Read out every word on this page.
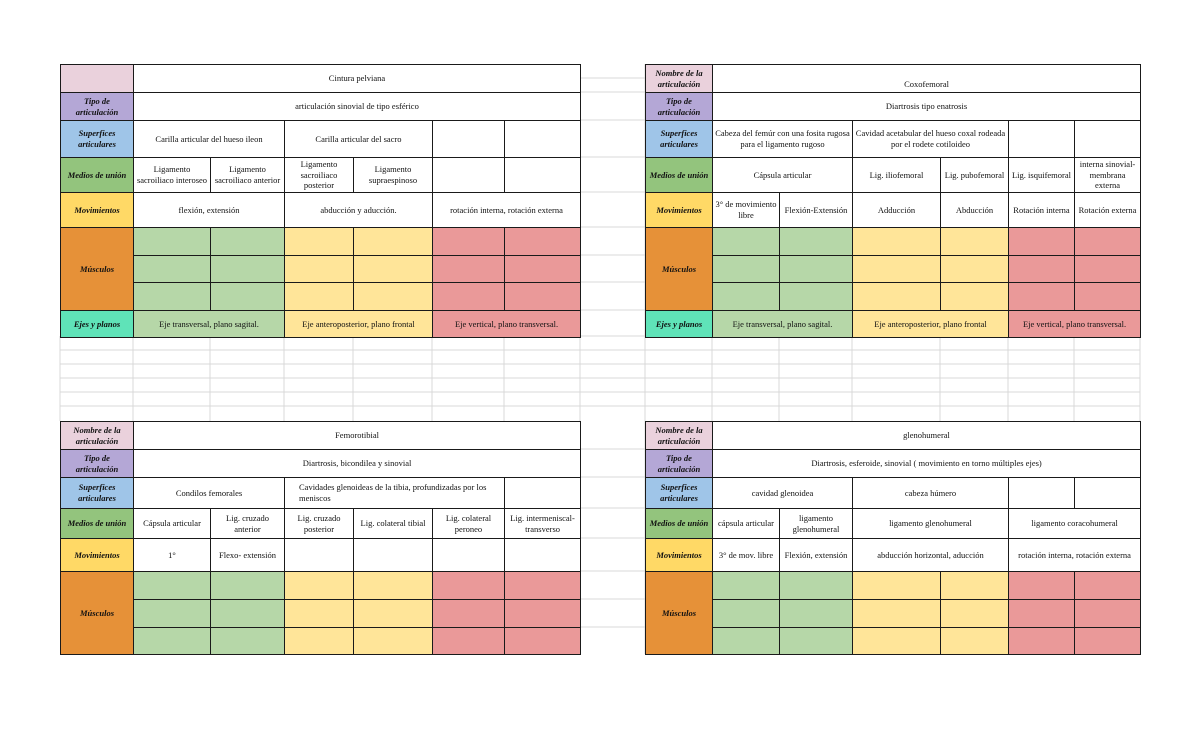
	Cintura pelviana					
Tipo de articulación	articulación sinovial de tipo esférico					
Superfices articulares	Carilla articular del hueso ileon		Carilla articular del sacro			
Medios de unión	Ligamento sacroiliaco interoseo	Ligamento sacroiliaco anterior	Ligamento sacroiliaco posterior	Ligamento supraespinoso		
Movimientos	flexión, extensión		abducción y aducción.		rotación interna, rotación externa	
Músculos						

Ejes y planos	Eje transversal, plano sagital.		Eje anteroposterior, plano frontal		Eje vertical, plano transversal.	
Nombre de la articulación	Coxofemoral					
Tipo de articulación	Diartrosis tipo enatrosis					
Superfices articulares	Cabeza del femúr con una fosita rugosa para el ligamento rugoso		Cavidad acetabular del hueso coxal rodeada por el rodete cotiloideo			
Medios de unión	Cápsula articular		Lig. iliofemoral	Lig. pubofemoral	Lig. isquifemoral	interna sinovial- membrana externa
Movimientos	3° de movimiento libre	Flexión-Extensión	Adducción	Abducción	Rotación interna	Rotación externa
Músculos						

Ejes y planos	Eje transversal, plano sagital.		Eje anteroposterior, plano frontal		Eje vertical, plano transversal.	
Nombre de la articulación	Femorotibial					
Tipo de articulación	Diartrosis, bicondilea y sinovial					
Superfices articulares	Condilos femorales		Cavidades glenoideas de la tibia, profundizadas por los meniscos			
Medios de unión	Cápsula articular	Lig. cruzado anterior	Lig. cruzado posterior	Lig. colateral tibial	Lig. colateral peroneo	Lig. intermeniscal- transverso
Movimientos	1°	Flexo- extensión				
Músculos						

Nombre de la articulación	glenohumeral					
Tipo de articulación	Diartrosis, esferoide, sinovial ( movimiento en torno múltiples ejes)					
Superfices articulares	cavidad glenoidea		cabeza húmero			
Medios de unión	cápsula articular	ligamento glenohumeral	ligamento glenohumeral		ligamento coracohumeral	
Movimientos	3° de mov. libre	Flexión, extensión	abducción horizontal, aducción		rotación interna, rotación externa	
Músculos						
